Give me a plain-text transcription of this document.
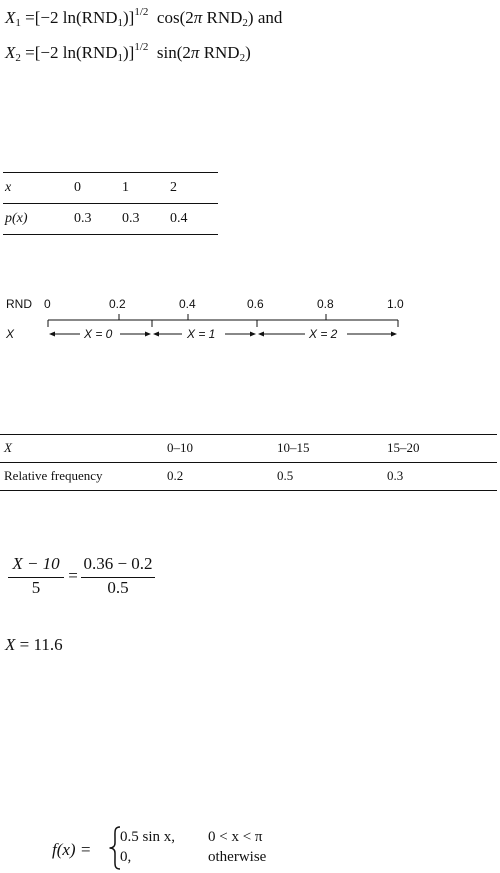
$X_1 =[-2$ $\ln(RND_1)]^{1/2}$ cos(2π $RND_2$) and
$X_2 =[-2$ $\ln(RND_1)]^{1/2}$ sin(2π $RND_2$)
x	0	1	2
p(x)	0.3 0.3 0.4
RND 0	0.2	0.4	0.6	0.8	1.0
X	X = 0	X = 1	X = 2
X	0–10	10–15	15–20
Relative frequency	0.2	0.5	0.3
X − 10
5
=
0.36 − 0.2
0.5
X = 11.6
f(x) =
0.5 sin x, 0 < x < π
0,	otherwise
